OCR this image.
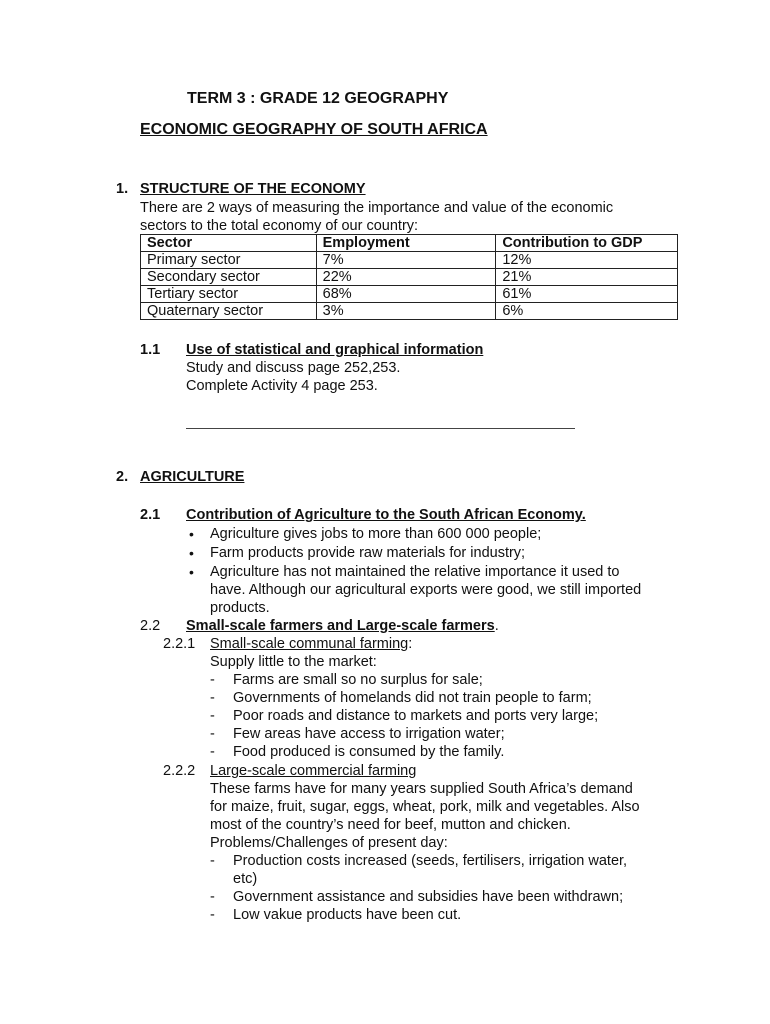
TERM 3 : GRADE 12 GEOGRAPHY
ECONOMIC GEOGRAPHY OF SOUTH AFRICA
1. STRUCTURE OF THE ECONOMY
There are 2 ways of measuring the importance and value of the economic
sectors to the total economy of our country:
Sector	Employment	Contribution to GDP
Primary sector	7%	12%
Secondary sector	22%	21%
Tertiary sector	68%	61%
Quaternary sector	3%	6%
1.1 Use of statistical and graphical information
Study and discuss page 252,253.
Complete Activity 4 page 253.
2. AGRICULTURE
2.1 Contribution of Agriculture to the South African Economy.
• Agriculture gives jobs to more than 600 000 people;
• Farm products provide raw materials for industry;
• Agriculture has not maintained the relative importance it used to
have. Although our agricultural exports were good, we still imported
products.
2.2 Small-scale farmers and Large-scale farmers.
2.2.1 Small-scale communal farming:
Supply little to the market:
- Farms are small so no surplus for sale;
- Governments of homelands did not train people to farm;
- Poor roads and distance to markets and ports very large;
- Few areas have access to irrigation water;
- Food produced is consumed by the family.
2.2.2 Large-scale commercial farming
These farms have for many years supplied South Africa’s demand
for maize, fruit, sugar, eggs, wheat, pork, milk and vegetables. Also
most of the country’s need for beef, mutton and chicken.
Problems/Challenges of present day:
- Production costs increased (seeds, fertilisers, irrigation water,
etc)
- Government assistance and subsidies have been withdrawn;
- Low vakue products have been cut.
